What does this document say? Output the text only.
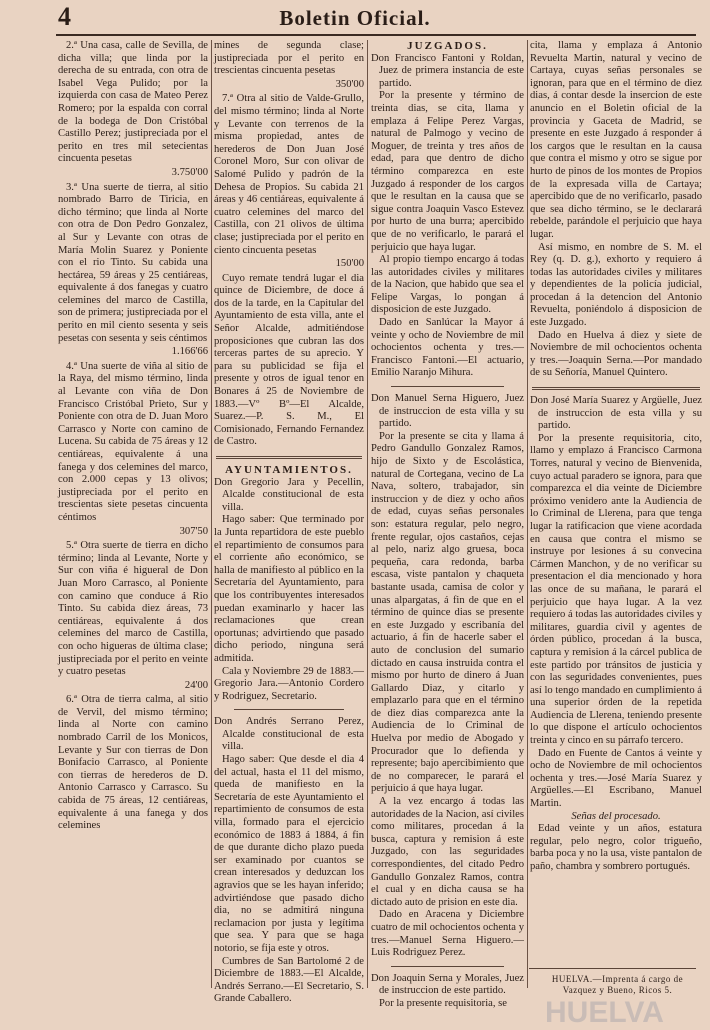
4	Boletin Oficial.

2.ª Una casa, calle de Sevilla, de dicha villa; que linda por la derecha de su entrada, con otra de Isabel Vega Pulido; por la izquierda con casa de Mateo Perez Romero; por la espalda con corral de la bodega de Don Cristóbal Castillo Perez; justipreciada por el perito en tres mil setecientas cincuenta pesetas

3.750'00

3.ª Una suerte de tierra, al sitio nombrado Barro de Tiricia, en dicho término; que linda al Norte con otra de Don Pedro Gonzalez, al Sur y Levante con otras de María Molin Suarez y Poniente con el rio Tinto. Su cabida una hectárea, 59 áreas y 25 centiáreas, equivalente á dos fanegas y cuatro celemines del marco de Castilla, son de primera; justipreciada por el perito en mil ciento sesenta y seis pesetas con sesenta y seis céntimos

1.166'66

4.ª Una suerte de viña al sitio de la Raya, del mismo término, linda al Levante con viña de Don Francisco Cristóbal Prieto, Sur y Poniente con otra de D. Juan Moro Carrasco y Norte con camino de Lucena. Su cabida de 75 áreas y 12 centiáreas, equivalente á una fanega y dos celemines del marco, con 2.000 cepas y 13 olivos; justipreciada por el perito en trescientas siete pesetas cincuenta céntimos

307'50

5.ª Otra suerte de tierra en dicho término; linda al Levante, Norte y Sur con viña é higueral de Don Juan Moro Carrasco, al Poniente con camino que conduce á Rio Tinto. Su cabida diez áreas, 73 centiáreas, equivalente á dos celemines del marco de Castilla, con ocho higueras de última clase; justipreciada por el perito en veinte y cuatro pesetas

24'00

6.ª Otra de tierra calma, al sitio de Vervil, del mismo término; linda al Norte con camino nombrado Carril de los Monicos, Levante y Sur con tierras de Don Bonifacio Carrasco, al Poniente con tierras de herederos de D. Antonio Carrasco y Carrasco. Su cabida de 75 áreas, 12 centiáreas, equivalente á una fanega y dos celemines

mines de segunda clase; justipreciada por el perito en trescientas cincuenta pesetas

350'00

7.ª Otra al sitio de Valde-Grullo, del mismo término; linda al Norte y Levante con terrenos de la misma propiedad, antes de herederos de Don Juan José Coronel Moro, Sur con olivar de Salomé Pulido y padrón de la Dehesa de Propios. Su cabida 21 áreas y 46 centiáreas, equivalente á cuatro celemines del marco del Castilla, con 21 olivos de última clase; justipreciada por el perito en ciento cincuenta pesetas

150'00

Cuyo remate tendrá lugar el dia quince de Diciembre, de doce á dos de la tarde, en la Capitular del Ayuntamiento de esta villa, ante el Señor Alcalde, admitiéndose proposiciones que cubran las dos terceras partes de su aprecio. Y para su publicidad se fija el presente y otros de igual tenor en Bonares á 25 de Noviembre de 1883.—Vº Bº—El Alcalde, Suarez.—P. S. M., El Comisionado, Fernando Fernandez de Castro.

AYUNTAMIENTOS.

Don Gregorio Jara y Pecellin, Alcalde constitucional de esta villa.

Hago saber: Que terminado por la Junta repartidora de este pueblo el repartimiento de consumos para el corriente año económico, se halla de manifiesto al público en la Secretaría del Ayuntamiento, para que los contribuyentes interesados puedan examinarlo y hacer las reclamaciones que crean oportunas; advirtiendo que pasado dicho periodo, ninguna será admitida.

Cala y Noviembre 29 de 1883.—Gregorio Jara.—Antonio Cordero y Rodriguez, Secretario.

Don Andrés Serrano Perez, Alcalde constitucional de esta villa.

Hago saber: Que desde el dia 4 del actual, hasta el 11 del mismo, queda de manifiesto en la Secretaría de este Ayuntamiento el repartimiento de consumos de esta villa, formado para el ejercicio económico de 1883 á 1884, á fin de que durante dicho plazo pueda ser examinado por cuantos se crean interesados y deduzcan los agravios que se les hayan inferido; advirtiéndose que pasado dicho dia, no se admitirá ninguna reclamacion por justa y legítima que sea. Y para que se haga notorio, se fija este y otros.

Cumbres de San Bartolomé 2 de Diciembre de 1883.—El Alcalde, Andrés Serrano.—El Secretario, S. Grande Caballero.

JUZGADOS.

Don Francisco Fantoni y Roldan, Juez de primera instancia de este partido.

Por la presente y término de treinta dias, se cita, llama y emplaza á Felipe Perez Vargas, natural de Palmogo y vecino de Moguer, de treinta y tres años de edad, para que dentro de dicho término comparezca en este Juzgado á responder de los cargos que le resultan en la causa que se sigue contra Joaquin Vasco Estevez por hurto de una burra; apercibido que de no verificarlo, le parará el perjuicio que haya lugar.

Al propio tiempo encargo á todas las autoridades civiles y militares de la Nacion, que habido que sea el Felipe Vargas, lo pongan á disposicion de este Juzgado.

Dado en Sanlúcar la Mayor á veinte y ocho de Noviembre de mil ochocientos ochenta y tres.—Francisco Fantoni.—El actuario, Emilio Naranjo Mihura.

Don Manuel Serna Higuero, Juez de instruccion de esta villa y su partido.

Por la presente se cita y llama á Pedro Gandullo Gonzalez Ramos, hijo de Sixto y de Escolástica, natural de Cortegana, vecino de La Nava, soltero, trabajador, sin instruccion y de diez y ocho años de edad, cuyas señas personales son: estatura regular, pelo negro, frente regular, ojos castaños, cejas al pelo, nariz algo gruesa, boca pequeña, cara redonda, barba escasa, viste pantalon y chaqueta bastante usada, camisa de color y unas alpargatas, á fin de que en el término de quince dias se presente en este Juzgado y escribanía del actuario, á fin de hacerle saber el auto de conclusion del sumario dictado en causa instruida contra el mismo por hurto de dinero á Juan Gallardo Diaz, y citarlo y emplazarlo para que en el término de diez dias comparezca ante la Audiencia de lo Criminal de Huelva por medio de Abogado y Procurador que lo defienda y represente; bajo apercibimiento que de no comparecer, le parará el perjuicio á que haya lugar.

A la vez encargo á todas las autoridades de la Nacion, así civiles como militares, procedan á la busca, captura y remision á este Juzgado, con las seguridades correspondientes, del citado Pedro Gandullo Gonzalez Ramos, contra el cual y en dicha causa se ha dictado auto de prision en este dia.

Dado en Aracena y Diciembre cuatro de mil ochocientos ochenta y tres.—Manuel Serna Higuero.—Luis Rodriguez Perez.

Don Joaquin Serna y Morales, Juez de instruccion de este partido.

Por la presente requisitoria, se

cita, llama y emplaza á Antonio Revuelta Martin, natural y vecino de Cartaya, cuyas señas personales se ignoran, para que en el término de diez dias, á contar desde la insercion de este anuncio en el Boletin oficial de la provincia y Gaceta de Madrid, se presente en este Juzgado á responder á los cargos que le resultan en la causa que contra el mismo y otro se sigue por hurto de pinos de los montes de Propios de la expresada villa de Cartaya; apercibido que de no verificarlo, pasado que sea dicho término, se le declarará rebelde, parándole el perjuicio que haya lugar.

Así mismo, en nombre de S. M. el Rey (q. D. g.), exhorto y requiero á todas las autoridades civiles y militares y dependientes de la policía judicial, procedan á la detencion del Antonio Revuelta, poniéndolo á disposicion de este Juzgado.

Dado en Huelva á diez y siete de Noviembre de mil ochocientos ochenta y tres.—Joaquin Serna.—Por mandado de su Señoría, Manuel Quintero.

Don José María Suarez y Argüelle, Juez de instruccion de esta villa y su partido.

Por la presente requisitoria, cito, llamo y emplazo á Francisco Carmona Torres, natural y vecino de Bienvenida, cuyo actual paradero se ignora, para que comparezca el dia veinte de Diciembre próximo venidero ante la Audiencia de lo Criminal de Llerena, para que tenga lugar la ratificacion que viene acordada en causa que contra el mismo se instruye por lesiones á su convecina Cármen Manchon, y de no verificar su presentacion el dia mencionado y hora las once de su mañana, le parará el perjuicio que haya lugar. A la vez requiero á todas las autoridades civiles y militares, guardia civil y agentes de órden público, procedan á la busca, captura y remision á la cárcel publica de este partido por tránsitos de justicia y con las seguridades convenientes, pues así lo tengo mandado en cumplimiento á una superior órden de la repetida Audiencia de Llerena, teniendo presente lo que dispone el artículo ochocientos treinta y cinco en su párrafo tercero.

Dado en Fuente de Cantos á veinte y ocho de Noviembre de mil ochocientos ochenta y tres.—José María Suarez y Argüelles.—El Escribano, Manuel Martin.

Señas del procesado.

Edad veinte y un años, estatura regular, pelo negro, color trigueño, barba poca y no la usa, viste pantalon de paño, chambra y sombrero portugués.

HUELVA.—Imprenta á cargo de
Vazquez y Bueno, Ricos 5.
HUELVA
